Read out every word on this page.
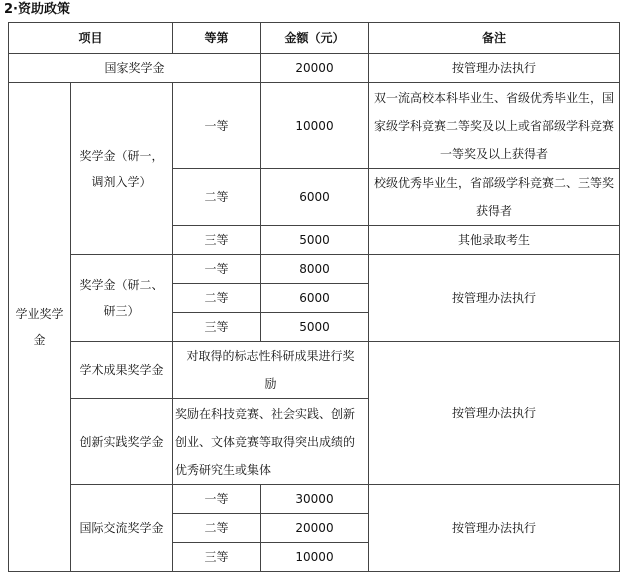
2·资助政策
项目		等第	金额（元）	备注
国家奖学金			20000	按管理办法执行
学业奖学金	奖学金（研一，调剂入学）	一等	10000	双一流高校本科毕业生、省级优秀毕业生，国家级学科竞赛二等奖及以上或省部级学科竞赛一等奖及以上获得者
		二等	6000	校级优秀毕业生，省部级学科竞赛二、三等奖获得者
		三等	5000	其他录取考生
	奖学金（研二、研三）	一等	8000	按管理办法执行
		二等	6000	
		三等	5000	
	学术成果奖学金	对取得的标志性科研成果进行奖励		按管理办法执行
	创新实践奖学金	奖励在科技竞赛、社会实践、创新创业、文体竞赛等取得突出成绩的优秀研究生或集体		
	国际交流奖学金	一等	30000	按管理办法执行
		二等	20000	
		三等	10000	
